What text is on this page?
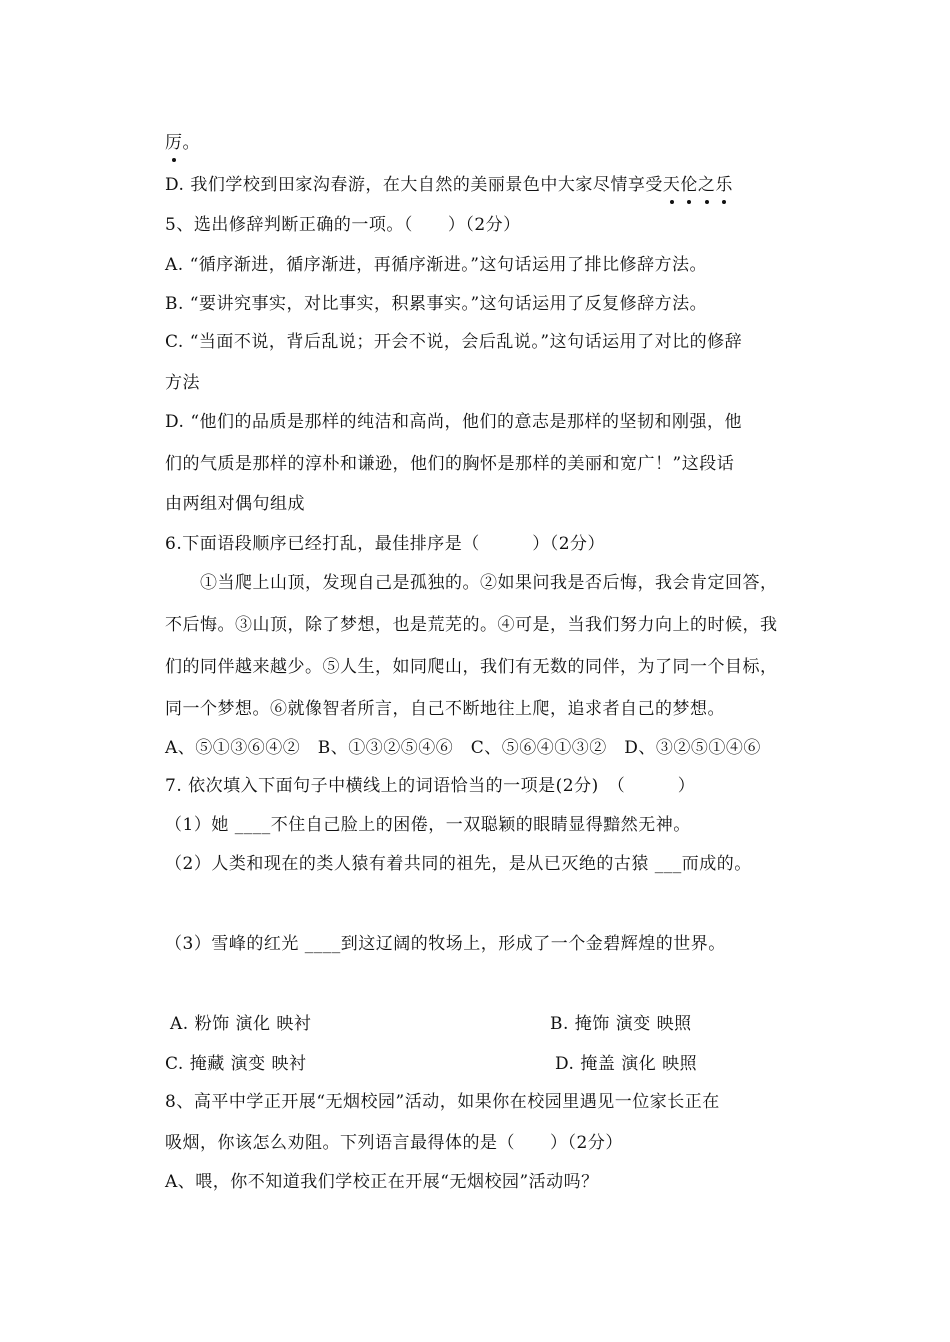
厉。
D. 我们学校到田家沟春游，在大自然的美丽景色中大家尽情享受天伦之乐
5、选出修辞判断正确的一项。（　　）（2分）
A. “循序渐进，循序渐进，再循序渐进。”这句话运用了排比修辞方法。
B. “要讲究事实，对比事实，积累事实。”这句话运用了反复修辞方法。
C. “当面不说，背后乱说；开会不说，会后乱说。”这句话运用了对比的修辞
方法
D. “他们的品质是那样的纯洁和高尚，他们的意志是那样的坚韧和刚强，他
们的气质是那样的淳朴和谦逊，他们的胸怀是那样的美丽和宽广！”这段话
由两组对偶句组成
6.下面语段顺序已经打乱，最佳排序是（　　　）（2分）
①当爬上山顶，发现自己是孤独的。②如果问我是否后悔，我会肯定回答，
不后悔。③山顶，除了梦想，也是荒芜的。④可是，当我们努力向上的时候，我
们的同伴越来越少。⑤人生，如同爬山，我们有无数的同伴，为了同一个目标，
同一个梦想。⑥就像智者所言，自己不断地往上爬，追求者自己的梦想。
A、⑤①③⑥④②　B、①③②⑤④⑥　C、⑤⑥④①③②　D、③②⑤①④⑥
7. 依次填入下面句子中横线上的词语恰当的一项是(2分)　（　　　）
（1）她 ____不住自己脸上的困倦，一双聪颖的眼睛显得黯然无神。
（2）人类和现在的类人猿有着共同的祖先，是从已灭绝的古猿 ___而成的。
（3）雪峰的红光 ____到这辽阔的牧场上，形成了一个金碧辉煌的世界。
A. 粉饰 演化 映衬	B. 掩饰 演变 映照
C. 掩藏 演变 映衬	D. 掩盖 演化 映照
8、高平中学正开展“无烟校园”活动，如果你在校园里遇见一位家长正在
吸烟，你该怎么劝阻。下列语言最得体的是（　　）（2分）
A、喂，你不知道我们学校正在开展“无烟校园”活动吗？
